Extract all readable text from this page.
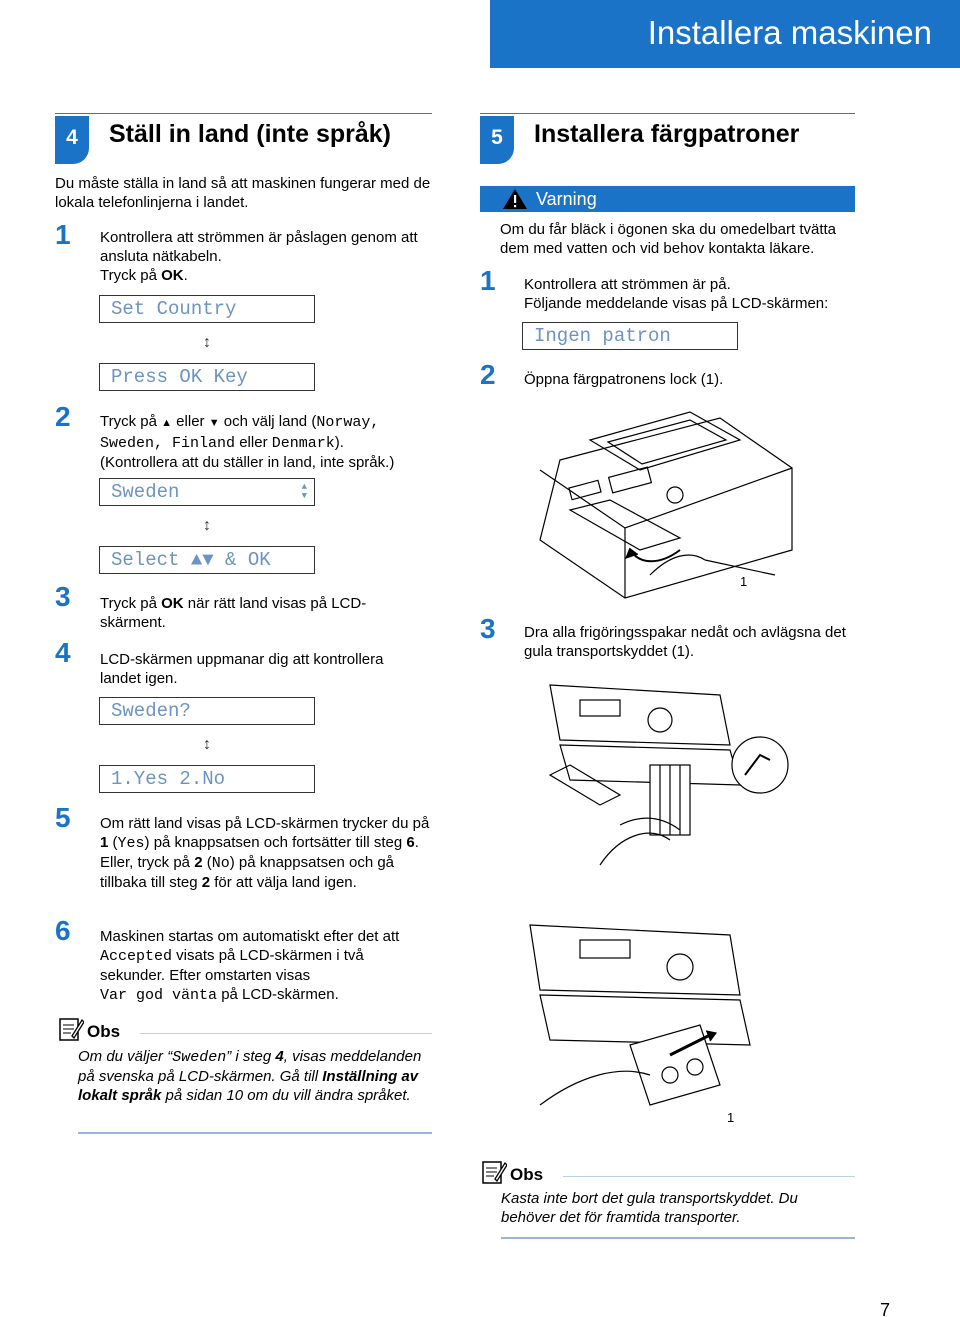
Installera maskinen
4	Ställ in land (inte språk)
Du måste ställa in land så att maskinen fungerar med de lokala telefonlinjerna i landet.
1 Kontrollera att strömmen är påslagen genom att ansluta nätkabeln.
Tryck på OK.
Set Country
↕
Press OK Key
2 Tryck på ▲ eller ▼ och välj land (Norway, Sweden, Finland eller Denmark).
(Kontrollera att du ställer in land, inte språk.)
Sweden	▲
▼
↕
Select ▲▼ & OK
3 Tryck på OK när rätt land visas på LCD-skärment.
4 LCD-skärmen uppmanar dig att kontrollera landet igen.
Sweden?
↕
1.Yes 2.No
5 Om rätt land visas på LCD-skärmen trycker du på 1 (Yes) på knappsatsen och fortsätter till steg 6.
Eller, tryck på 2 (No) på knappsatsen och gå tillbaka till steg 2 för att välja land igen.
6 Maskinen startas om automatiskt efter det att Accepted visats på LCD-skärmen i två sekunder. Efter omstarten visas
Var god vänta på LCD-skärmen.
Obs
Om du väljer “Sweden” i steg 4, visas meddelanden på svenska på LCD-skärmen. Gå till Inställning av lokalt språk på sidan 10 om du vill ändra språket.
5	Installera färgpatroner
Varning
Om du får bläck i ögonen ska du omedelbart tvätta dem med vatten och vid behov kontakta läkare.
1 Kontrollera att strömmen är på.
Följande meddelande visas på LCD-skärmen:
Ingen patron
2 Öppna färgpatronens lock (1).
1
3 Dra alla frigöringsspakar nedåt och avlägsna det gula transportskyddet (1).
1
Obs
Kasta inte bort det gula transportskyddet. Du behöver det för framtida transporter.
7
